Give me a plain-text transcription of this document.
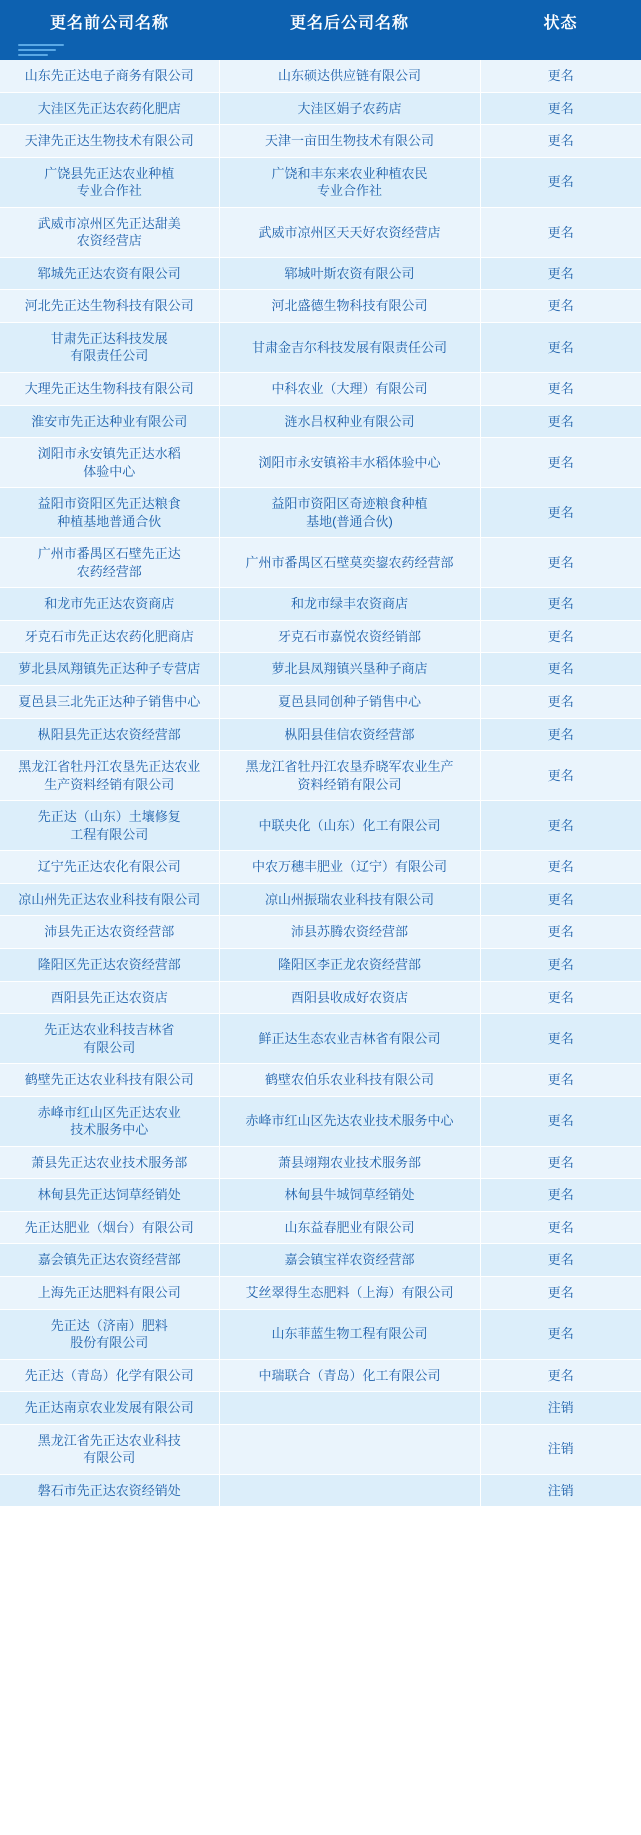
更名前公司名称	更名后公司名称	状态

山东先正达电子商务有限公司	山东硕达供应链有限公司	更名

大洼区先正达农药化肥店	大洼区娟子农药店	更名

天津先正达生物技术有限公司	天津一亩田生物技术有限公司	更名

广饶县先正达农业种植
专业合作社	广饶和丰东来农业种植农民
专业合作社	更名

武威市凉州区先正达甜美
农资经营店	武威市凉州区天天好农资经营店	更名

郓城先正达农资有限公司	郓城叶斯农资有限公司	更名

河北先正达生物科技有限公司	河北盛德生物科技有限公司	更名

甘肃先正达科技发展
有限责任公司	甘肃金吉尔科技发展有限责任公司	更名

大理先正达生物科技有限公司	中科农业（大理）有限公司	更名

淮安市先正达种业有限公司	涟水吕权种业有限公司	更名

浏阳市永安镇先正达水稻
体验中心	浏阳市永安镇裕丰水稻体验中心	更名

益阳市资阳区先正达粮食
种植基地普通合伙	益阳市资阳区奇迹粮食种植
基地(普通合伙)	更名

广州市番禺区石壁先正达
农药经营部	广州市番禺区石壁莫奕鋆农药经营部	更名

和龙市先正达农资商店	和龙市绿丰农资商店	更名

牙克石市先正达农药化肥商店	牙克石市嘉悦农资经销部	更名

萝北县凤翔镇先正达种子专营店	萝北县凤翔镇兴垦种子商店	更名

夏邑县三北先正达种子销售中心	夏邑县同创种子销售中心	更名

枞阳县先正达农资经营部	枞阳县佳信农资经营部	更名

黑龙江省牡丹江农垦先正达农业
生产资料经销有限公司	黑龙江省牡丹江农垦乔晓军农业生产
资料经销有限公司	更名

先正达（山东）土壤修复
工程有限公司	中联央化（山东）化工有限公司	更名

辽宁先正达农化有限公司	中农万穗丰肥业（辽宁）有限公司	更名

凉山州先正达农业科技有限公司	凉山州振瑞农业科技有限公司	更名

沛县先正达农资经营部	沛县苏腾农资经营部	更名

隆阳区先正达农资经营部	隆阳区李正龙农资经营部	更名

酉阳县先正达农资店	酉阳县收成好农资店	更名

先正达农业科技吉林省
有限公司	鲜正达生态农业吉林省有限公司	更名

鹤壁先正达农业科技有限公司	鹤壁农伯乐农业科技有限公司	更名

赤峰市红山区先正达农业
技术服务中心	赤峰市红山区先达农业技术服务中心	更名

萧县先正达农业技术服务部	萧县翊翔农业技术服务部	更名

林甸县先正达饲草经销处	林甸县牛城饲草经销处	更名

先正达肥业（烟台）有限公司	山东益春肥业有限公司	更名

嘉会镇先正达农资经营部	嘉会镇宝祥农资经营部	更名

上海先正达肥料有限公司	艾丝翠得生态肥料（上海）有限公司	更名

先正达（济南）肥料
股份有限公司	山东菲蓝生物工程有限公司	更名

先正达（青岛）化学有限公司	中瑞联合（青岛）化工有限公司	更名

先正达南京农业发展有限公司		注销

黑龙江省先正达农业科技
有限公司		注销

磐石市先正达农资经销处		注销
